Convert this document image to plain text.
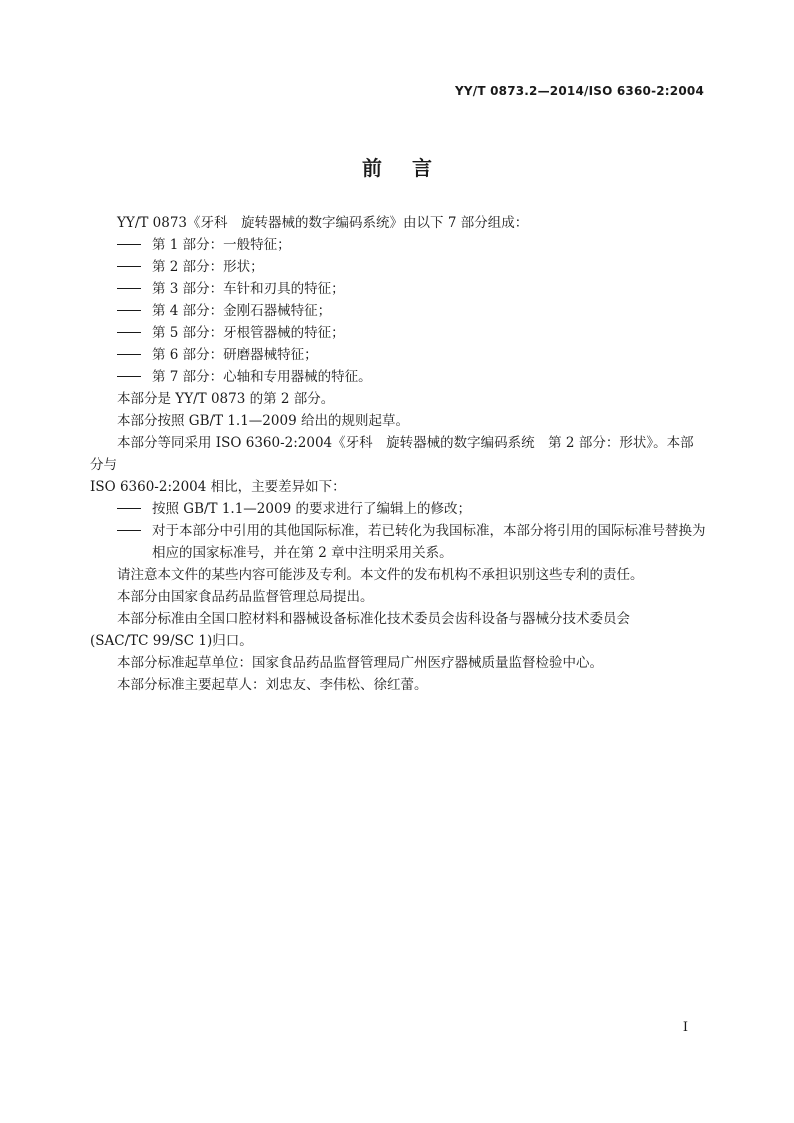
YY/T 0873.2—2014/ISO 6360-2:2004
前言

YY/T 0873《牙科　旋转器械的数字编码系统》由以下 7 部分组成：

第 1 部分：一般特征；

第 2 部分：形状；

第 3 部分：车针和刃具的特征；

第 4 部分：金刚石器械特征；

第 5 部分：牙根管器械的特征；

第 6 部分：研磨器械特征；

第 7 部分：心轴和专用器械的特征。

本部分是 YY/T 0873 的第 2 部分。

本部分按照 GB/T 1.1—2009 给出的规则起草。

本部分等同采用 ISO 6360-2:2004《牙科　旋转器械的数字编码系统　第 2 部分：形状》。本部分与

ISO 6360-2:2004 相比，主要差异如下：

按照 GB/T 1.1—2009 的要求进行了编辑上的修改；

对于本部分中引用的其他国际标准，若已转化为我国标准，本部分将引用的国际标准号替换为相应的国家标准号，并在第 2 章中注明采用关系。

请注意本文件的某些内容可能涉及专利。本文件的发布机构不承担识别这些专利的责任。

本部分由国家食品药品监督管理总局提出。

本部分标准由全国口腔材料和器械设备标准化技术委员会齿科设备与器械分技术委员会

(SAC/TC 99/SC 1)归口。

本部分标准起草单位：国家食品药品监督管理局广州医疗器械质量监督检验中心。

本部分标准主要起草人：刘忠友、李伟松、徐红蕾。

I
